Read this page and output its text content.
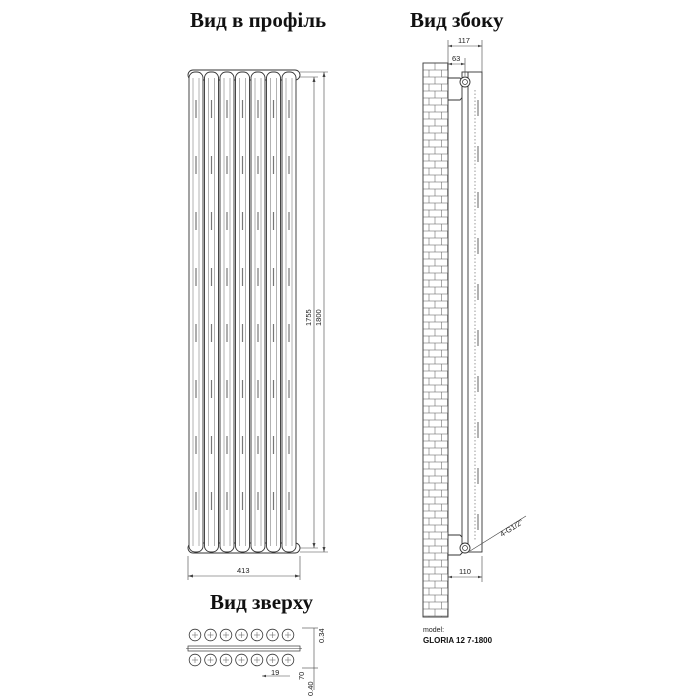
Вид в профіль	Вид збоку
Вид зверху
413
1755 1800
117
63
110
4-G1/2"
model:
GLORIA 12 7-1800
0.34
70
0.40
19
